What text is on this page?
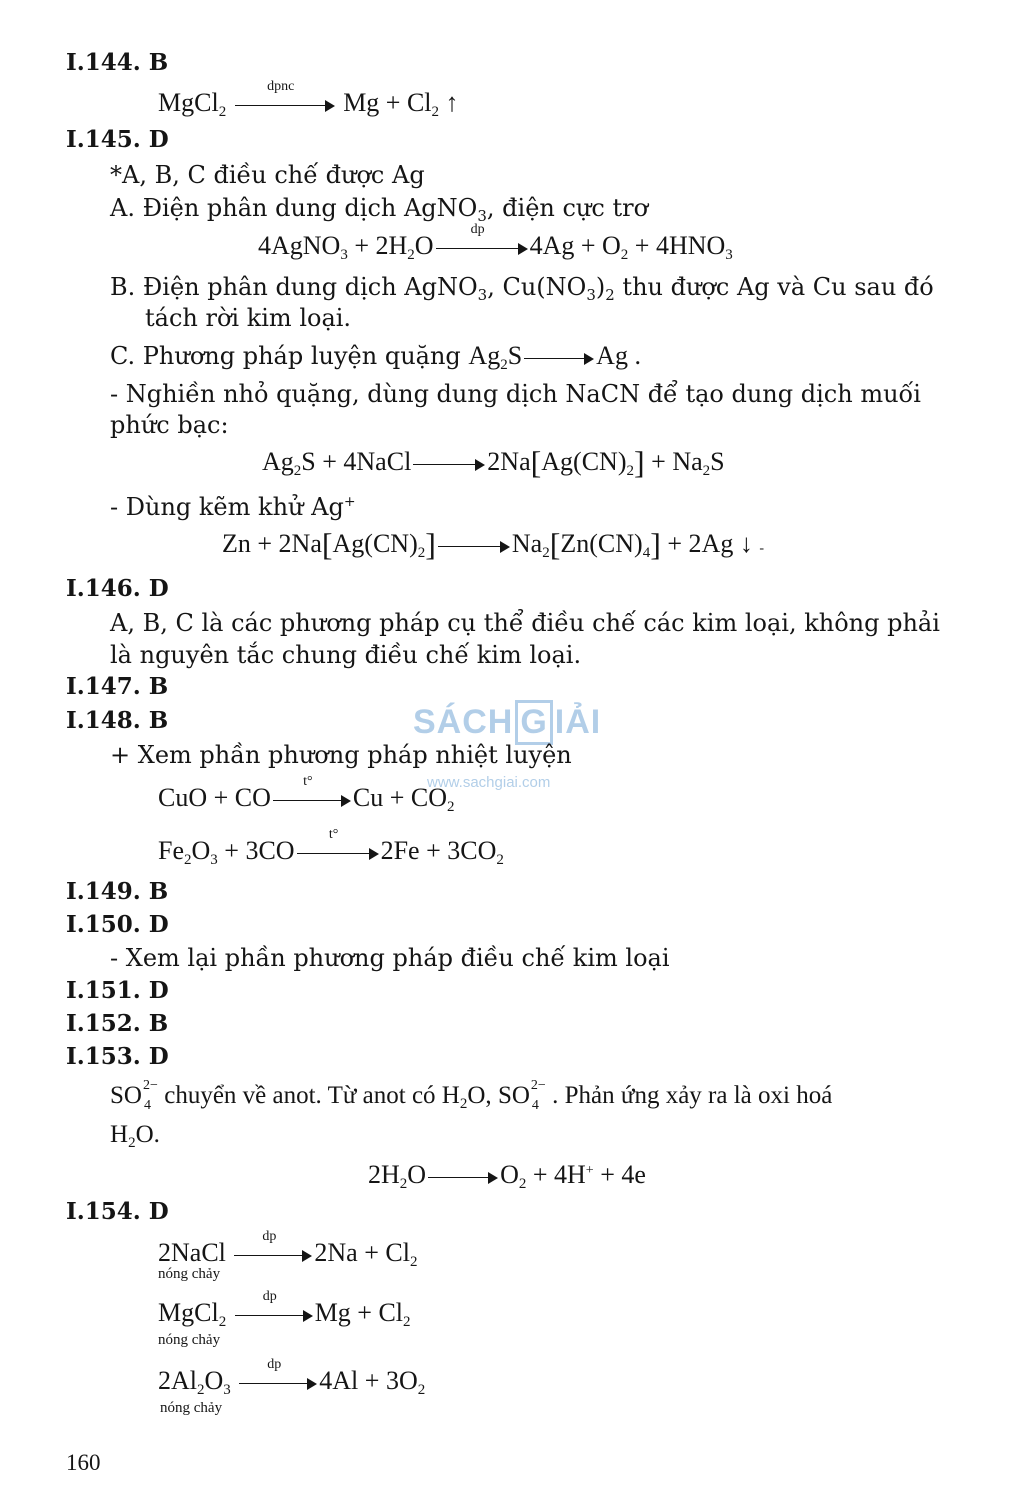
I.144. B
MgCl$_2$
dpnc
$Mg + Cl_2$ ↑
I.145. D
*A, B, C điều chế được Ag
A. Điện phân dung dịch AgNO$_3$, điện cực trơ
4AgNO$_3$ + $2H_2O$
dp
$4Ag + O_2 + 4HNO_3$
B. Điện phân dung dịch AgNO$_3$, $Cu(NO_3)_2$ thu được Ag và Cu sau đó
tách rời kim loại.
C. Phương pháp luyện quặng $Ag_2S$	Ag .
- Nghiền nhỏ quặng, dùng dung dịch NaCN để tạo dung dịch muối
phức bạc:
$Ag_2S$ + 4NaCl	$2Na[Ag(CN)_2] + Na_2S$
- Dùng kẽm khử Ag+
$Zn + 2Na[Ag(CN)_2]$	$Na_2[Zn(CN)_4] + 2Ag$ ↓ -
I.146. D
A, B, C là các phương pháp cụ thể điều chế các kim loại, không phải
là nguyên tắc chung điều chế kim loại.
I.147. B
I.148. B	SÁCH G IẢI
www.sachgiai.com
+ Xem phần phương pháp nhiệt luyện
CuO + CO
t°
$Cu + CO_2$
$Fe_2O_3 + 3CO$
t°
$2Fe + 3CO_2$
I.149. B
I.150. D
- Xem lại phần phương pháp điều chế kim loại
I.151. D
I.152. B
I.153. D
SO 2−
4 chuyển về anot. Từ anot có $H_2O$, SO 2−
4 . Phản ứng xảy ra là oxi hoá
$H_2O$.
$2H_2O$	$O_2 + 4H^+ + 4e$
I.154. D
2NaCl
dp
$2Na + Cl_2$
nóng chảy
MgCl$_2$
dp
$Mg + Cl_2$
nóng chảy
$2Al_2O_3$
dp
$4Al + 3O_2$
nóng chảy
160
